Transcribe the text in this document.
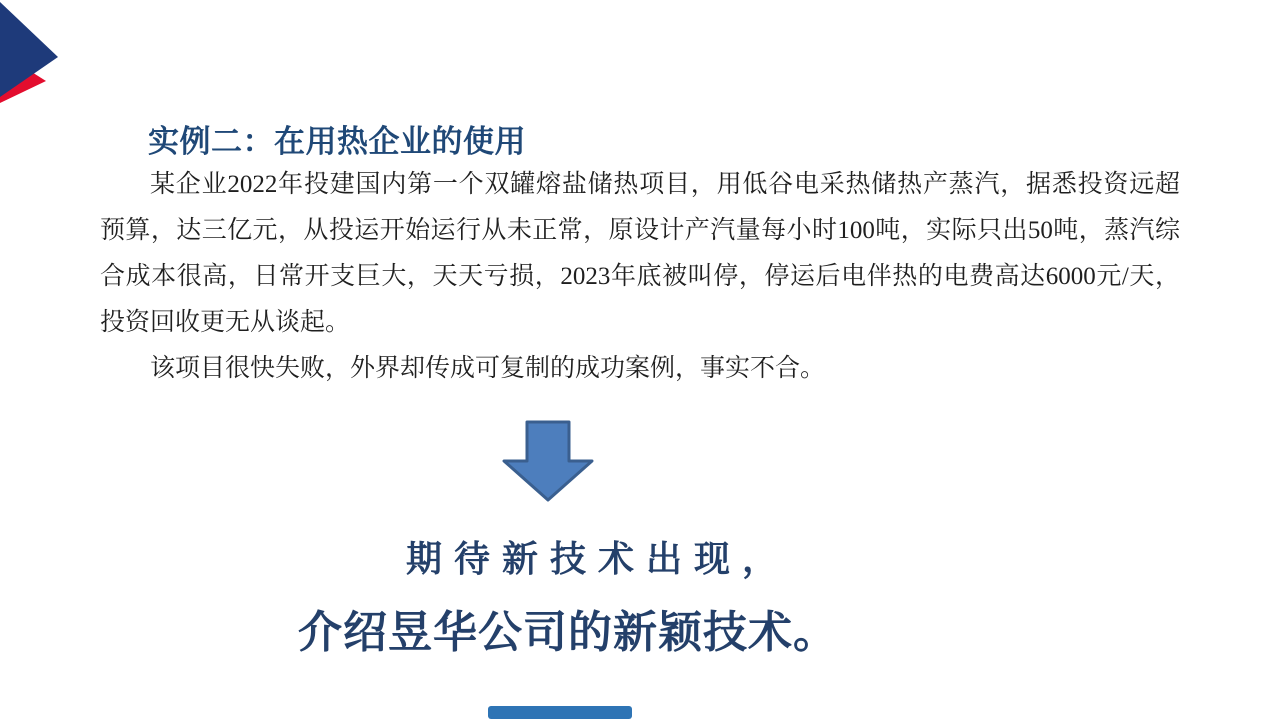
实例二：在用热企业的使用
某企业2022年投建国内第一个双罐熔盐储热项目，用低谷电采热储热产蒸汽，据悉投资远超
预算，达三亿元，从投运开始运行从未正常，原设计产汽量每小时100吨，实际只出50吨，蒸汽综
合成本很高，日常开支巨大，天天亏损，2023年底被叫停，停运后电伴热的电费高达6000元/天，
投资回收更无从谈起。
该项目很快失败，外界却传成可复制的成功案例，事实不合。
期待新技术出现，
介绍昱华公司的新颖技术。
